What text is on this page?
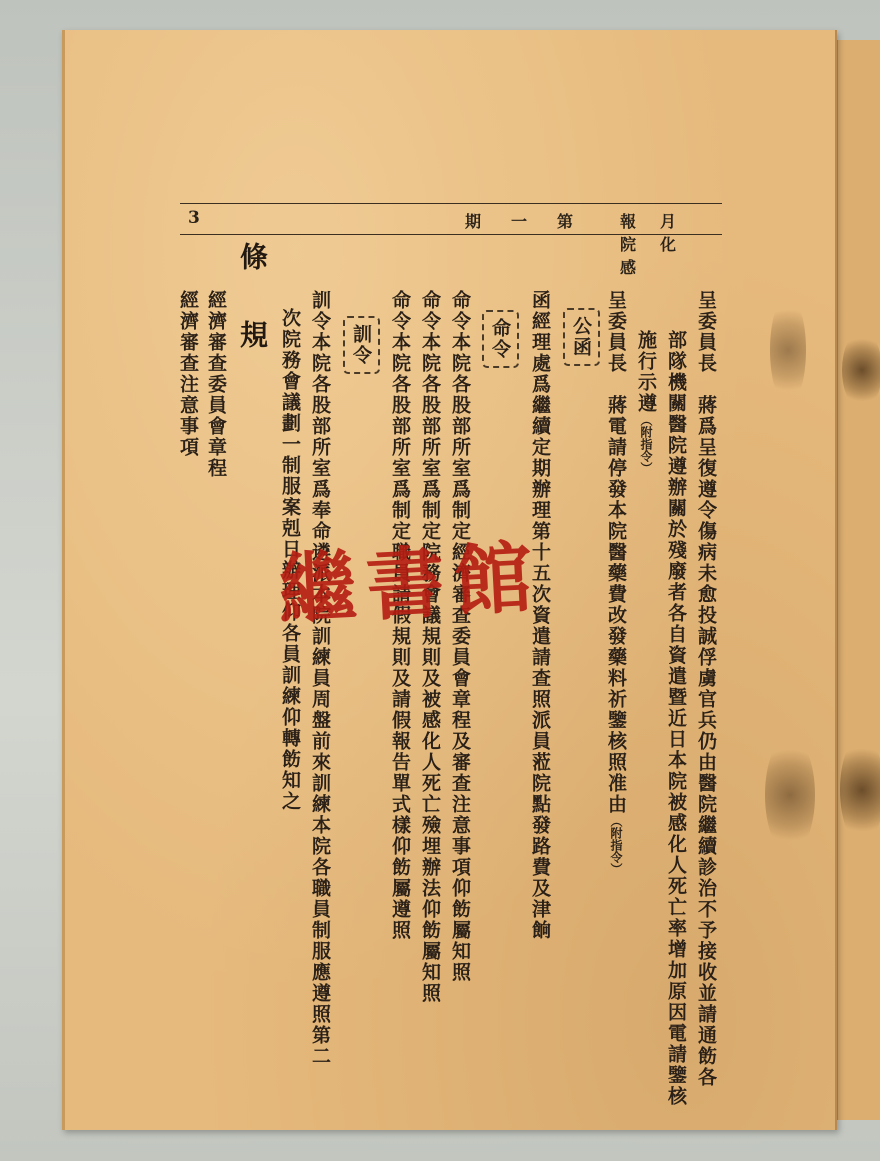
3	期一第 報月院化感
呈委員長　蔣爲呈復遵令傷病未愈投誠俘虜官兵仍由醫院繼續診治不予接收並請通飭各
部隊機關醫院遵辦關於殘廢者各自資遣暨近日本院被感化人死亡率增加原因電請鑒核
施行示遵（附指令）
呈委員長　蔣電請停發本院醫藥費改發藥料祈鑒核照准由（附指令）
公函
函經理處爲繼續定期辦理第十五次資遣請查照派員蒞院點發路費及津餉
命令
命令本院各股部所室爲制定經濟審查委員會章程及審查注意事項仰飭屬知照
命令本院各股部所室爲制定院務會議規則及被感化人死亡殮埋辦法仰飭屬知照
命令本院各股部所室爲制定職員請假規則及請假報告單式樣仰飭屬遵照
訓令
訓令本院各股部所室爲奉命遴派本院訓練員周盤前來訓練本院各職員制服應遵照第二
次院務會議劃一制服案剋日辦理仰各員訓練仰轉飭知之
條規
經濟審查委員會章程
經濟審查注意事項
繼書館
